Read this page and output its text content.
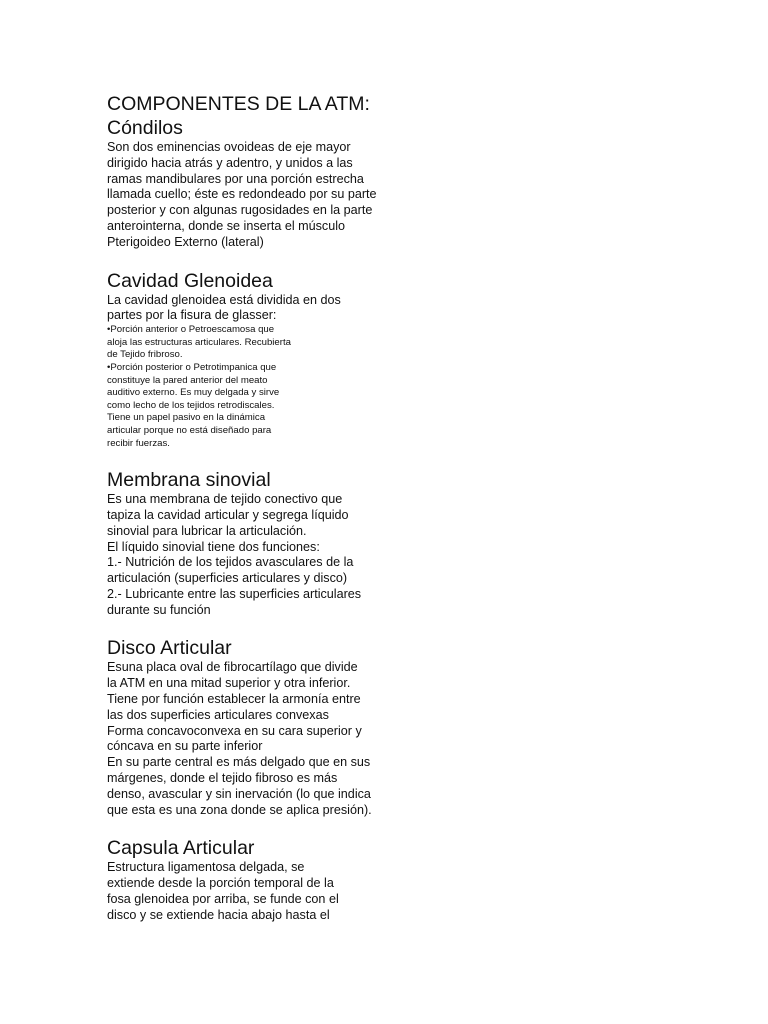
COMPONENTES DE LA ATM:
Cóndilos

Son dos eminencias ovoideas de eje mayor

dirigido hacia atrás y adentro, y unidos a las

ramas mandibulares por una porción estrecha

llamada cuello; éste es redondeado por su parte

posterior y con algunas rugosidades en la parte

anterointerna, donde se inserta el músculo

Pterigoideo Externo (lateral)

Cavidad Glenoidea

La cavidad glenoidea está dividida en dos

partes por la fisura de glasser:

•Porción anterior o Petroescamosa que

aloja las estructuras articulares. Recubierta

de Tejido fribroso.

•Porción posterior o Petrotimpanica que

constituye la pared anterior del meato

auditivo externo. Es muy delgada y sirve

como lecho de los tejidos retrodiscales.

Tiene un papel pasivo en la dinámica

articular porque no está diseñado para

recibir fuerzas.

Membrana sinovial

Es una membrana de tejido conectivo que

tapiza la cavidad articular y segrega líquido

sinovial para lubricar la articulación.

El líquido sinovial tiene dos funciones:

1.- Nutrición de los tejidos avasculares de la

articulación (superficies articulares y disco)

2.- Lubricante entre las superficies articulares

durante su función

Disco Articular

Esuna placa oval de fibrocartílago que divide

la ATM en una mitad superior y otra inferior.

Tiene por función establecer la armonía entre

las dos superficies articulares convexas

Forma concavoconvexa en su cara superior y

cóncava en su parte inferior

En su parte central es más delgado que en sus

márgenes, donde el tejido fibroso es más

denso, avascular y sin inervación (lo que indica

que esta es una zona donde se aplica presión).

Capsula Articular

Estructura ligamentosa delgada, se

extiende desde la porción temporal de la

fosa glenoidea por arriba, se funde con el

disco y se extiende hacia abajo hasta el
